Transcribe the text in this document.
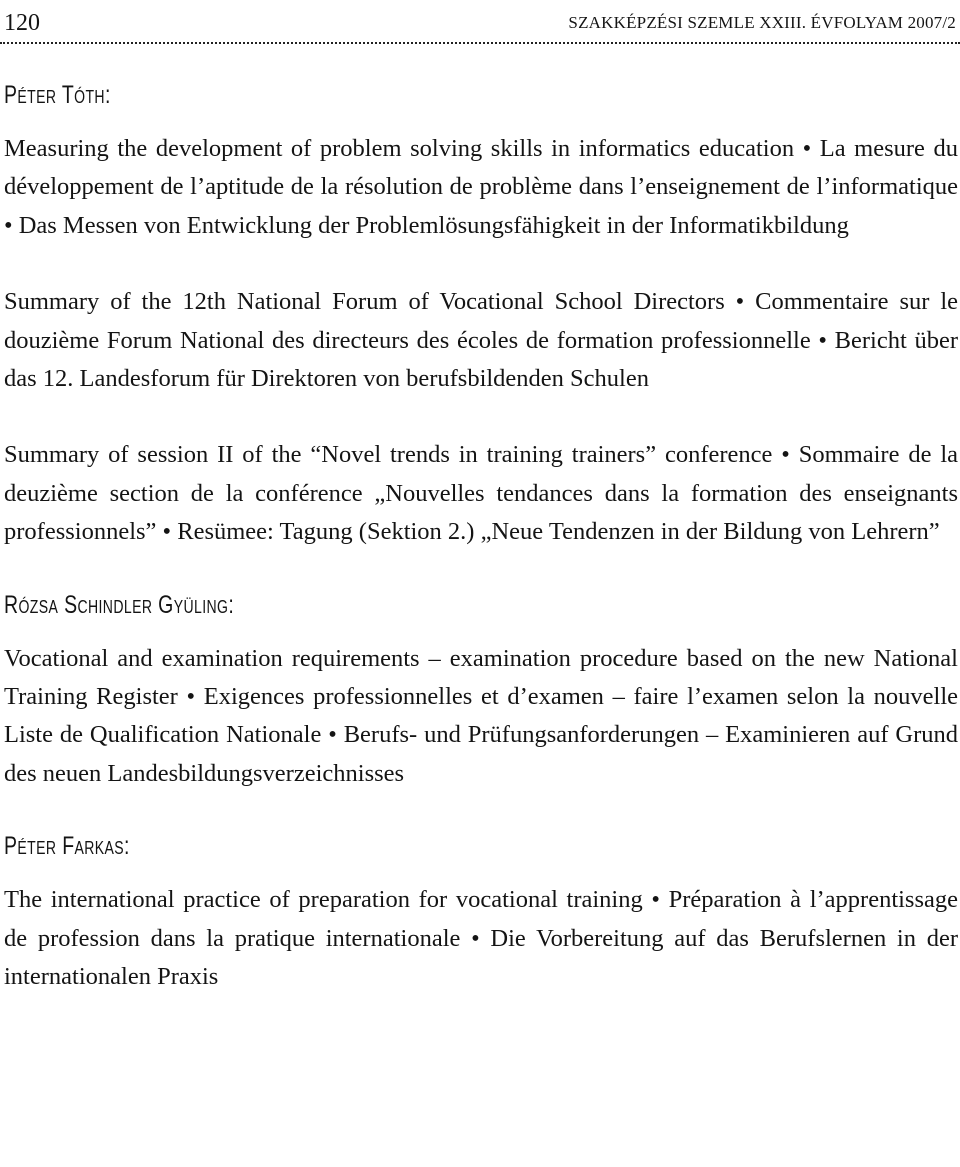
120	SZAKKÉPZÉSI SZEMLE XXIII. ÉVFOLYAM 2007/2

Péter Tóth:

Measuring the development of problem solving skills in informatics education • La mesure du développement de l’aptitude de la résolution de problème dans l’enseignement de l’informatique • Das Messen von Entwicklung der Problemlösungsfähigkeit in der Informatikbildung

Summary of the 12th National Forum of Vocational School Directors • Commentaire sur le douzième Forum National des directeurs des écoles de formation professionnelle • Bericht über das 12. Landesforum für Direktoren von berufsbildenden Schulen

Summary of session II of the “Novel trends in training trainers” conference • Sommaire de la deuzième section de la conférence „Nouvelles tendances dans la formation des enseignants professionnels” • Resümee: Tagung (Sektion 2.) „Neue Tendenzen in der Bildung von Lehrern”

Rózsa Schindler Gyüling:

Vocational and examination requirements – examination procedure based on the new National Training Register • Exigences professionnelles et d’examen – faire l’examen selon la nouvelle Liste de Qualification Nationale • Berufs- und Prüfungsanforderungen – Examinieren auf Grund des neuen Landesbildungsverzeichnisses

Péter Farkas:

The international practice of preparation for vocational training • Préparation à l’apprentissage de profession dans la pratique internationale • Die Vorbereitung auf das Berufslernen in der internationalen Praxis
